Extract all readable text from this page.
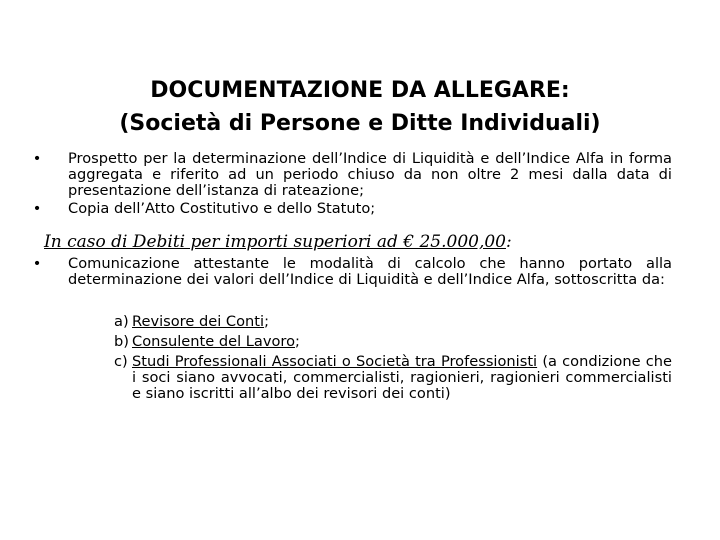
DOCUMENTAZIONE DA ALLEGARE:
(Società di Persone e Ditte Individuali)
• Prospetto per la determinazione dell’Indice di Liquidità e dell’Indice Alfa in forma aggregata e riferito ad un periodo chiuso da non oltre 2 mesi dalla data di presentazione dell’istanza di rateazione;
• Copia dell’Atto Costitutivo e dello Statuto;
In caso di Debiti per importi superiori ad € 25.000,00:
• Comunicazione attestante le modalità di calcolo che hanno portato alla determinazione dei valori dell’Indice di Liquidità e dell’Indice Alfa, sottoscritta da:
a) Revisore dei Conti;
b) Consulente del Lavoro;
c) Studi Professionali Associati o Società tra Professionisti (a condizione che i soci siano avvocati, commercialisti, ragionieri, ragionieri commercialisti e siano iscritti all’albo dei revisori dei conti)
